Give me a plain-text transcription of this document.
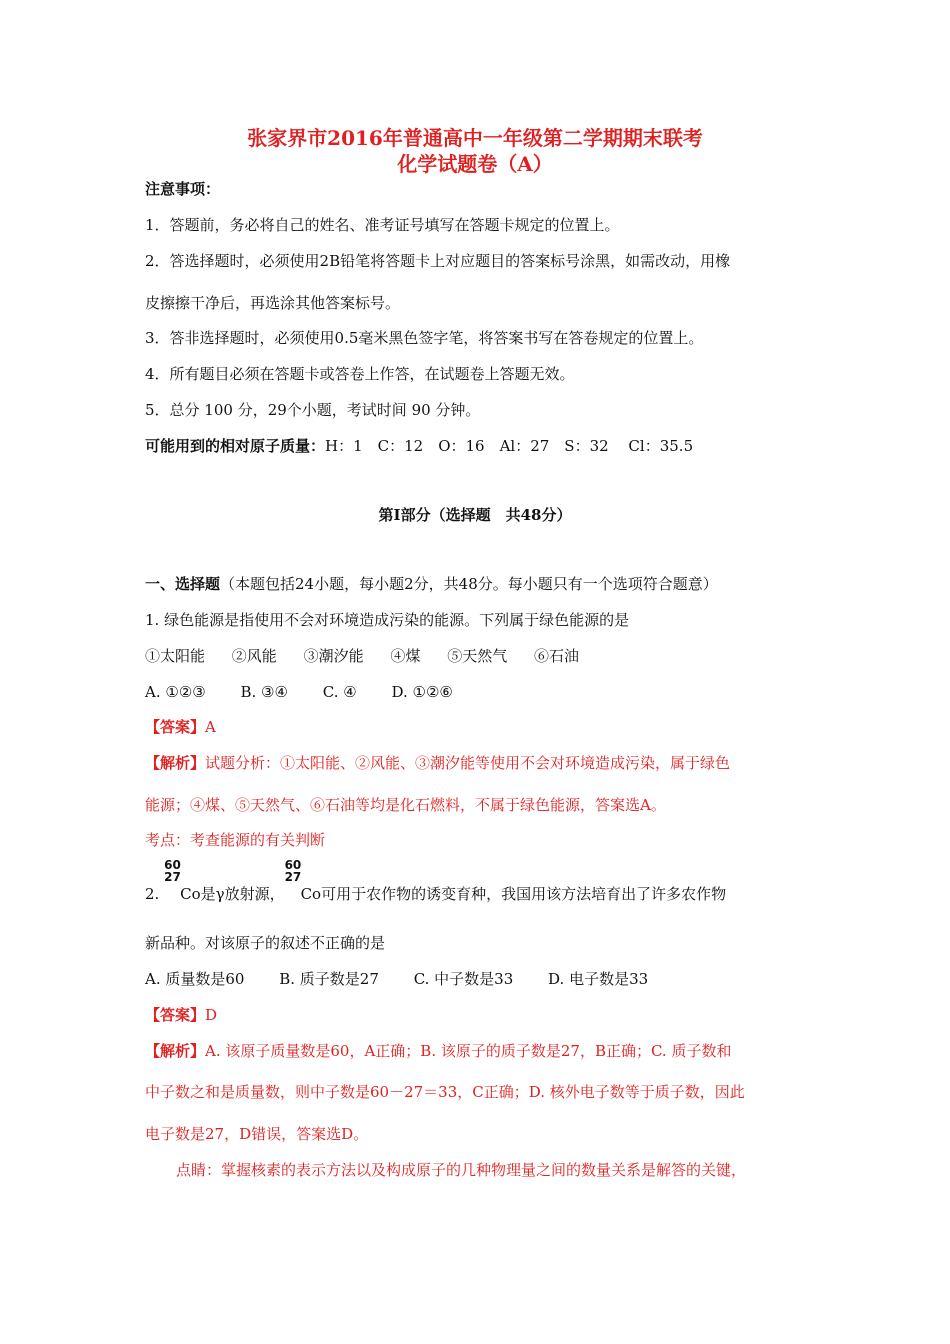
张家界市2016年普通高中一年级第二学期期末联考
化学试题卷（A）
注意事项：
1．答题前，务必将自己的姓名、准考证号填写在答题卡规定的位置上。
2．答选择题时，必须使用2B铅笔将答题卡上对应题目的答案标号涂黑，如需改动，用橡
皮擦擦干净后，再选涂其他答案标号。
3．答非选择题时，必须使用0.5毫米黑色签字笔，将答案书写在答卷规定的位置上。
4．所有题目必须在答题卡或答卷上作答，在试题卷上答题无效。
5．总分 100 分，29个小题，考试时间 90 分钟。
可能用到的相对原子质量：H：1　C：12　O：16　Al：27　S：32　 Cl：35.5
第Ⅰ部分（选择题　共48分）
一、选择题（本题包括24小题，每小题2分，共48分。每小题只有一个选项符合题意）
1. 绿色能源是指使用不会对环境造成污染的能源。下列属于绿色能源的是
①太阳能 ②风能 ③潮汐能 ④煤 ⑤天然气 ⑥石油
A. ①②③ B. ③④ C. ④ D. ①②⑥
【答案】A
【解析】试题分析：①太阳能、②风能、③潮汐能等使用不会对环境造成污染，属于绿色
能源；④煤、⑤天然气、⑥石油等均是化石燃料，不属于绿色能源，答案选A。
考点：考查能源的有关判断
2.
60
27
Co是γ放射源，
60
27
Co可用于农作物的诱变育种，我国用该方法培育出了许多农作物
新品种。对该原子的叙述不正确的是
A. 质量数是60 B. 质子数是27 C. 中子数是33 D. 电子数是33
【答案】D
【解析】A. 该原子质量数是60，A正确；B. 该原子的质子数是27，B正确；C. 质子数和
中子数之和是质量数，则中子数是60－27＝33，C正确；D. 核外电子数等于质子数，因此
电子数是27，D错误，答案选D。
点睛：掌握核素的表示方法以及构成原子的几种物理量之间的数量关系是解答的关键，
